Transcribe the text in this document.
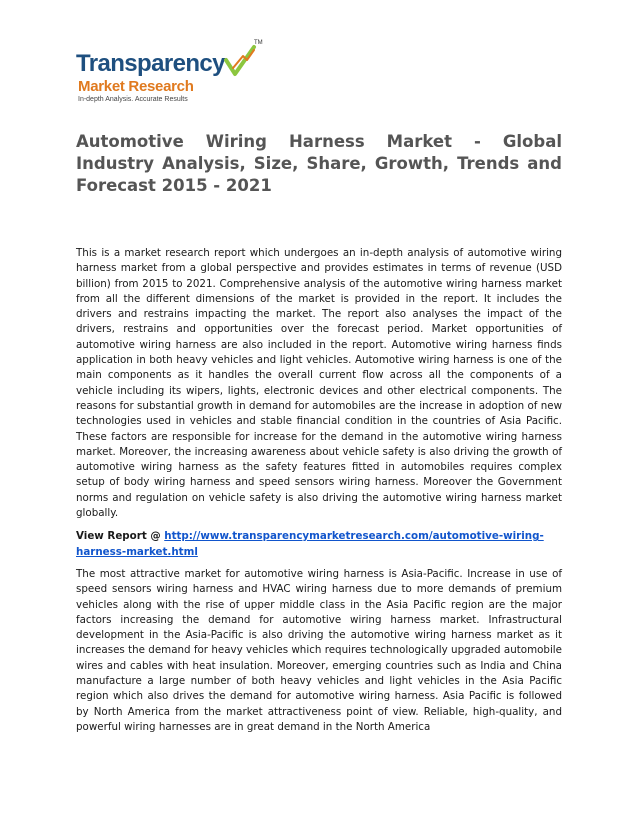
Transparency
TM
Market Research
In-depth Analysis. Accurate Results
Automotive Wiring Harness Market - Global Industry Analysis, Size, Share, Growth, Trends and Forecast 2015 - 2021

This is a market research report which undergoes an in-depth analysis of automotive wiring harness market from a global perspective and provides estimates in terms of revenue (USD billion) from 2015 to 2021. Comprehensive analysis of the automotive wiring harness market from all the different dimensions of the market is provided in the report. It includes the drivers and restrains impacting the market. The report also analyses the impact of the drivers, restrains and opportunities over the forecast period. Market opportunities of automotive wiring harness are also included in the report. Automotive wiring harness finds application in both heavy vehicles and light vehicles. Automotive wiring harness is one of the main components as it handles the overall current flow across all the components of a vehicle including its wipers, lights, electronic devices and other electrical components. The reasons for substantial growth in demand for automobiles are the increase in adoption of new technologies used in vehicles and stable financial condition in the countries of Asia Pacific. These factors are responsible for increase for the demand in the automotive wiring harness market. Moreover, the increasing awareness about vehicle safety is also driving the growth of automotive wiring harness as the safety features fitted in automobiles requires complex setup of body wiring harness and speed sensors wiring harness. Moreover the Government norms and regulation on vehicle safety is also driving the automotive wiring harness market globally.

View Report @ http://www.transparencymarketresearch.com/automotive-wiring-harness-market.html

The most attractive market for automotive wiring harness is Asia-Pacific. Increase in use of speed sensors wiring harness and HVAC wiring harness due to more demands of premium vehicles along with the rise of upper middle class in the Asia Pacific region are the major factors increasing the demand for automotive wiring harness market. Infrastructural development in the Asia-Pacific is also driving the automotive wiring harness market as it increases the demand for heavy vehicles which requires technologically upgraded automobile wires and cables with heat insulation. Moreover, emerging countries such as India and China manufacture a large number of both heavy vehicles and light vehicles in the Asia Pacific region which also drives the demand for automotive wiring harness. Asia Pacific is followed by North America from the market attractiveness point of view. Reliable, high-quality, and powerful wiring harnesses are in great demand in the North America
